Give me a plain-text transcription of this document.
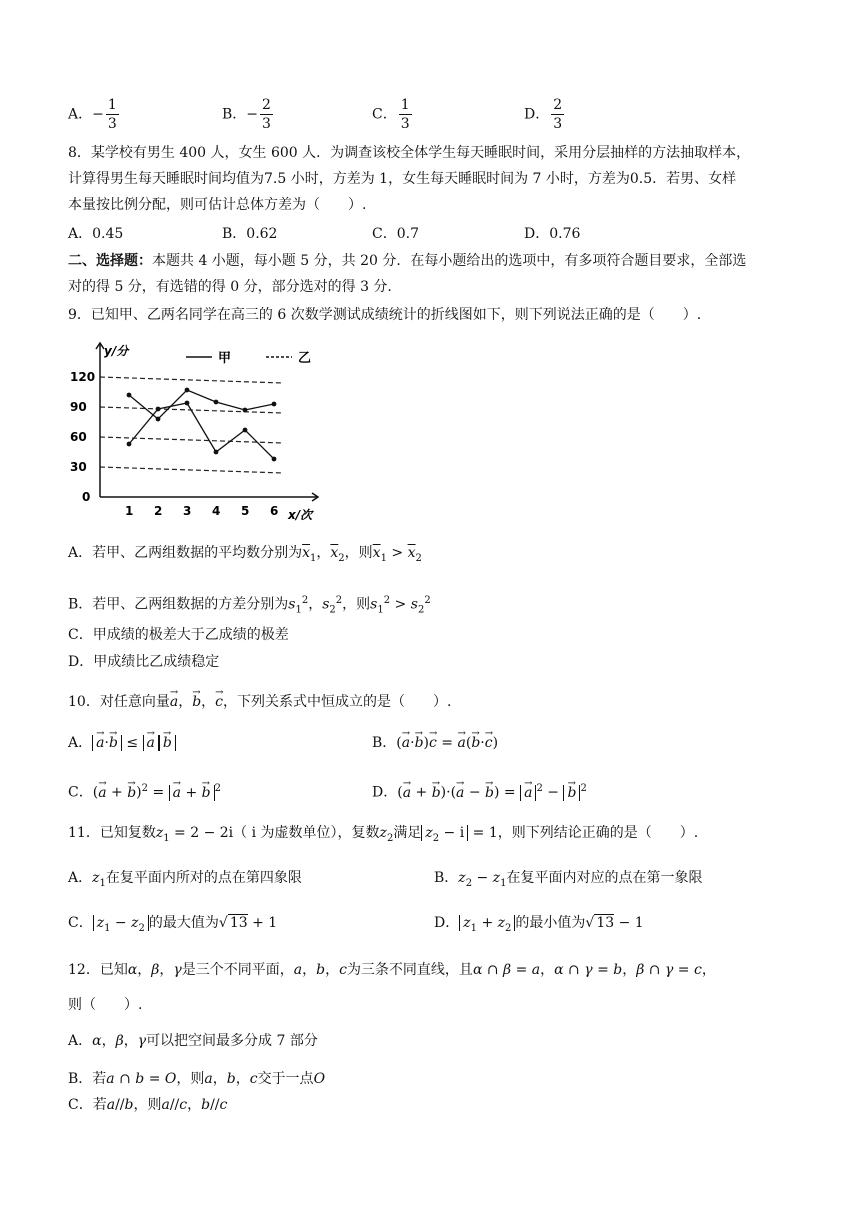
A．− $\frac{1}{3}$	B．− $\frac{2}{3}$	C． $\frac{1}{3}$	D． $\frac{2}{3}$
8．某学校有男生 400 人，女生 600 人．为调查该校全体学生每天睡眠时间，采用分层抽样的方法抽取样本，
计算得男生每天睡眠时间均值为7.5 小时，方差为 1，女生每天睡眠时间为 7 小时，方差为0.5．若男、女样
本量按比例分配，则可估计总体方差为（　　）.
A．0.45	B．0.62	C．0.7	D．0.76
二、选择题：本题共 4 小题，每小题 5 分，共 20 分．在每小题给出的选项中，有多项符合题目要求，全部选
对的得 5 分，有选错的得 0 分，部分选对的得 3 分.
9．已知甲、乙两名同学在高三的 6 次数学测试成绩统计的折线图如下，则下列说法正确的是（　　）.
y/分
x/次
0
30
60
90
120
1 2 3 4 5 6
甲	乙
A．若甲、乙两组数据的平均数分别为$\overline{x}_1$，$\overline{x}_2$，则$\overline{x}_1 > \overline{x}_2$
B．若甲、乙两组数据的方差分别为$s_1^2$，$s_2^2$，则$s_1^2 > s_2^2$
C．甲成绩的极差大于乙成绩的极差
D．甲成绩比乙成绩稳定
10．对任意向量→ a，→ b，→ c，下列关系式中恒成立的是（　　）.
A． → a·→ b ≤ → a → b	B．(→ a·→ b)→ c = → a(→ b·→ c)
C．(→ a + → b)$^2$ = → a + → b $^2$	D．(→ a + → b)·(→ a − → b) = → a $^2$ − → b $^2$
11．已知复数$z_1 = 2 - 2i$（ i 为虚数单位），复数$z_2$满足 $z_2 - i = 1$，则下列结论正确的是（　　）.
A．$z_1$在复平面内所对的点在第四象限	B．$z_2 - z_1$在复平面内对应的点在第一象限
C． $z_1 - z_2$ 的最大值为√ 13 + 1	D． $z_1 + z_2$ 的最小值为√ 13 − 1
12．已知α，β，γ是三个不同平面，a，b，c为三条不同直线，且α ∩ β = a，α ∩ γ = b，β ∩ γ = c，
则（　　）.
A．α，β，γ可以把空间最多分成 7 部分
B．若a ∩ b = O，则a，b，c交于一点O
C．若a//b，则a//c，b//c
